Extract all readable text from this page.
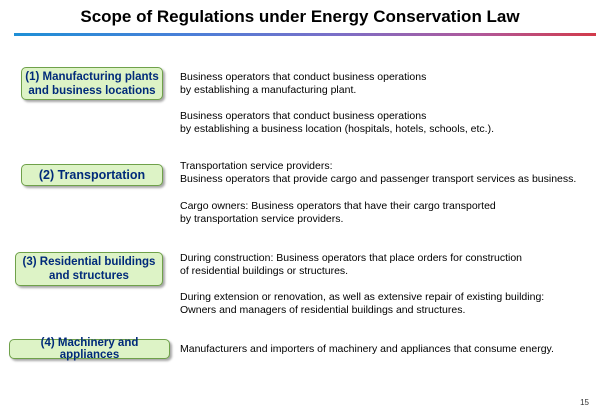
Scope of Regulations under Energy Conservation Law
(1) Manufacturing plants
and business locations
Business operators that conduct business operations
by establishing a manufacturing plant.
Business operators that conduct business operations
by establishing a business location (hospitals, hotels, schools, etc.).
(2) Transportation
Transportation service providers:
Business operators that provide cargo and passenger transport services as business.
Cargo owners: Business operators that have their cargo transported
by transportation service providers.
(3) Residential buildings
and structures
During construction: Business operators that place orders for construction
of residential buildings or structures.
During extension or renovation, as well as extensive repair of existing building:
Owners and managers of residential buildings and structures.
(4) Machinery and appliances	Manufacturers and importers of machinery and appliances that consume energy.
15
